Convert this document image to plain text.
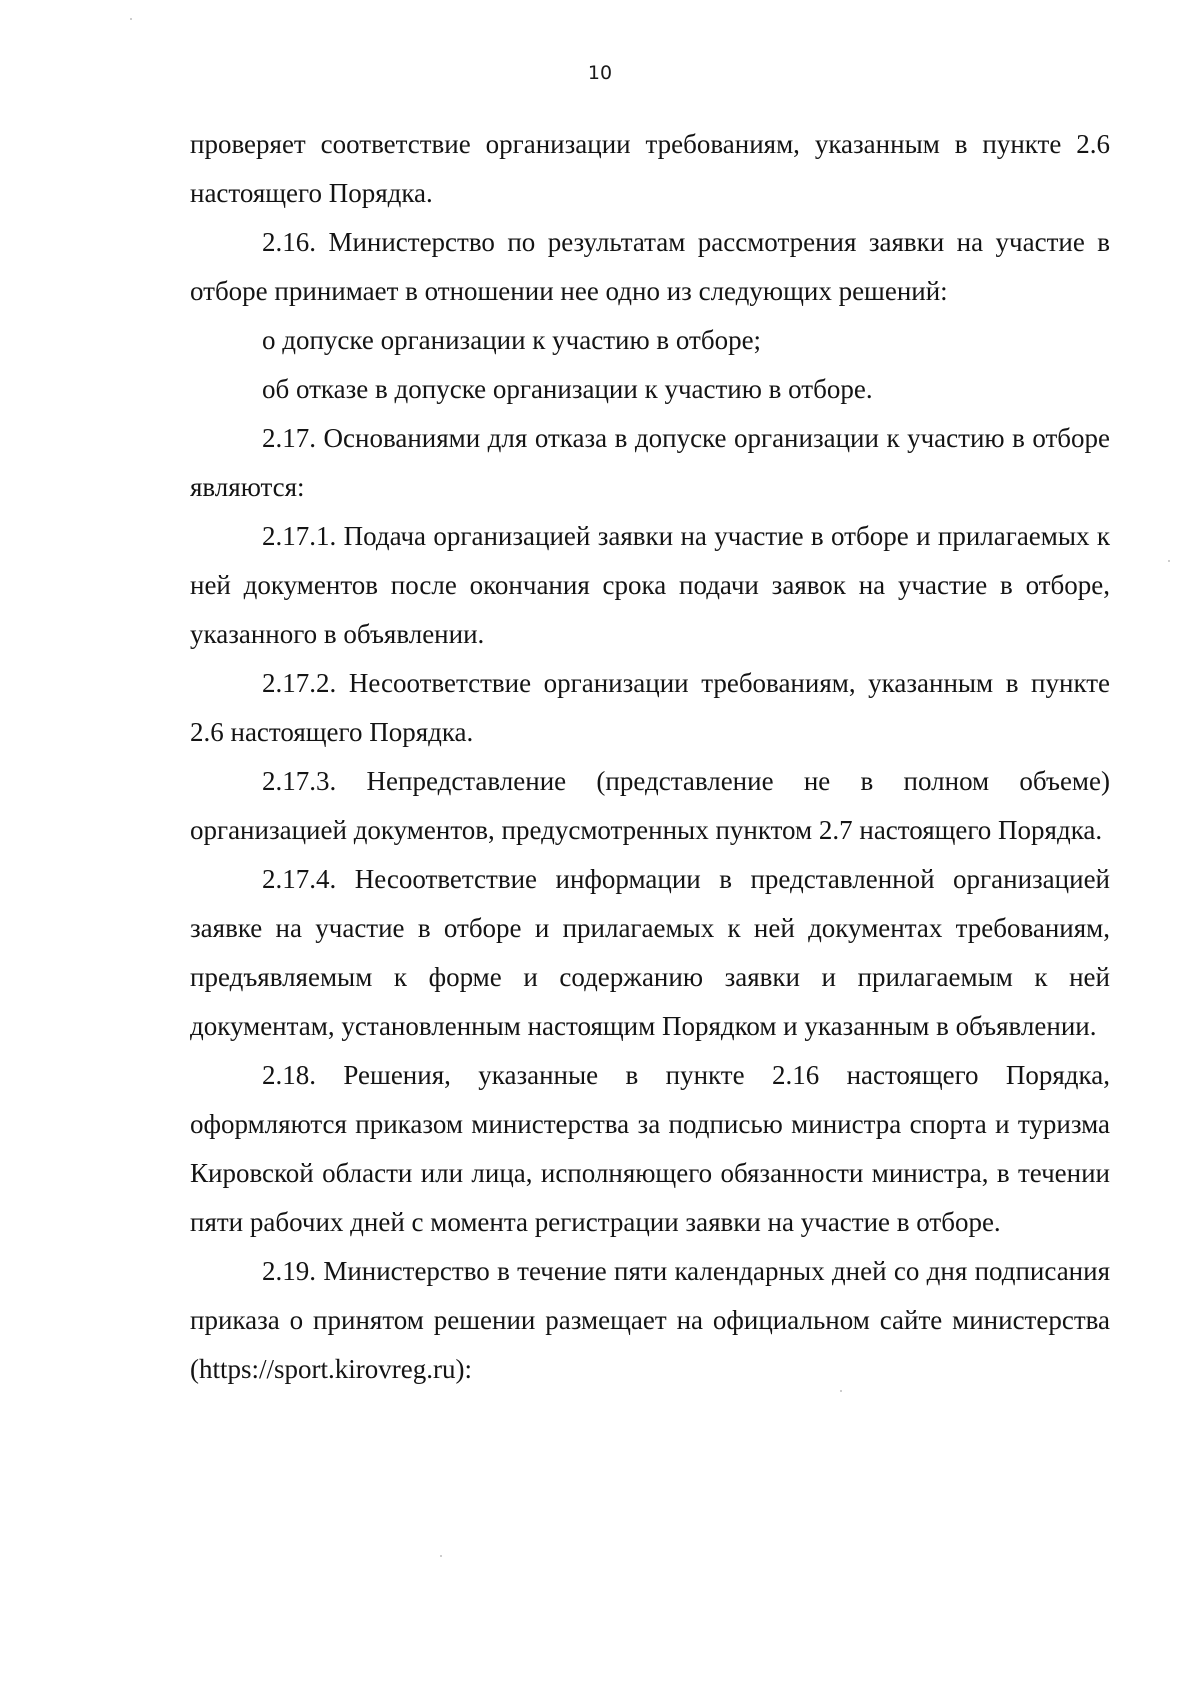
10

проверяет соответствие организации требованиям, указанным в пункте 2.6 настоящего Порядка.

2.16. Министерство по результатам рассмотрения заявки на участие в отборе принимает в отношении нее одно из следующих решений:

о допуске организации к участию в отборе;

об отказе в допуске организации к участию в отборе.

2.17. Основаниями для отказа в допуске организации к участию в отборе являются:

2.17.1. Подача организацией заявки на участие в отборе и прилагаемых к ней документов после окончания срока подачи заявок на участие в отборе, указанного в объявлении.

2.17.2. Несоответствие организации требованиям, указанным в пункте 2.6 настоящего Порядка.

2.17.3. Непредставление (представление не в полном объеме) организацией документов, предусмотренных пунктом 2.7 настоящего Порядка.

2.17.4. Несоответствие информации в представленной организацией заявке на участие в отборе и прилагаемых к ней документах требованиям, предъявляемым к форме и содержанию заявки и прилагаемым к ней документам, установленным настоящим Порядком и указанным в объявлении.

2.18. Решения, указанные в пункте 2.16 настоящего Порядка, оформляются приказом министерства за подписью министра спорта и туризма Кировской области или лица, исполняющего обязанности министра, в течении пяти рабочих дней с момента регистрации заявки на участие в отборе.

2.19. Министерство в течение пяти календарных дней со дня подписания приказа о принятом решении размещает на официальном сайте министерства (https://sport.kirovreg.ru):
